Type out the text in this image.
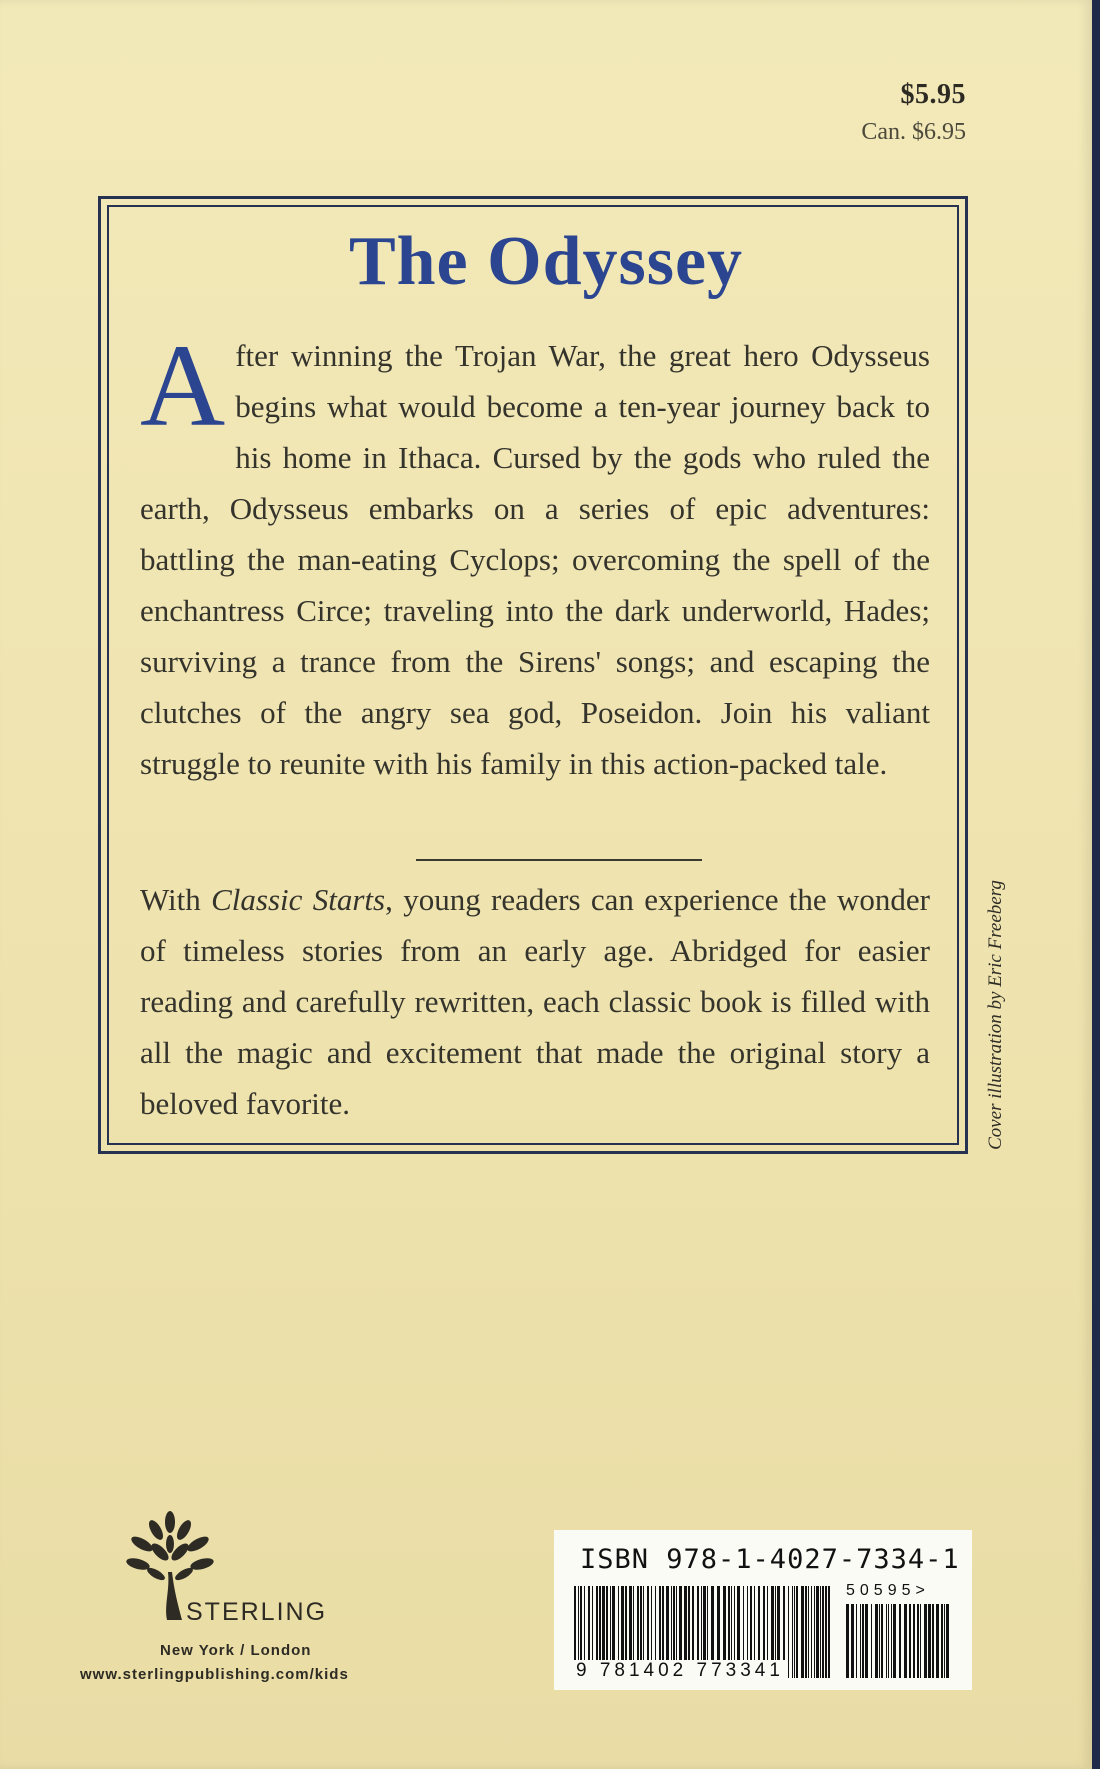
$5.95
Can. $6.95
The Odyssey

After winning the Trojan War, the great hero Odysseus begins what would become a ten-year journey back to his home in Ithaca. Cursed by the gods who ruled the earth, Odysseus embarks on a series of epic adventures: battling the man-eating Cyclops; overcoming the spell of the enchantress Circe; traveling into the dark underworld, Hades; surviving a trance from the Sirens' songs; and escaping the clutches of the angry sea god, Poseidon. Join his valiant struggle to reunite with his family in this action-packed tale.

With Classic Starts, young readers can experience the wonder of timeless stories from an early age. Abridged for easier reading and carefully rewritten, each classic book is filled with all the magic and excitement that made the original story a beloved favorite.	Cover illustration by Eric Freeberg
STERLING
New York / London
www.sterlingpublishing.com/kids
ISBN 978-1-4027-7334-1
50595>
9 781402 773341
